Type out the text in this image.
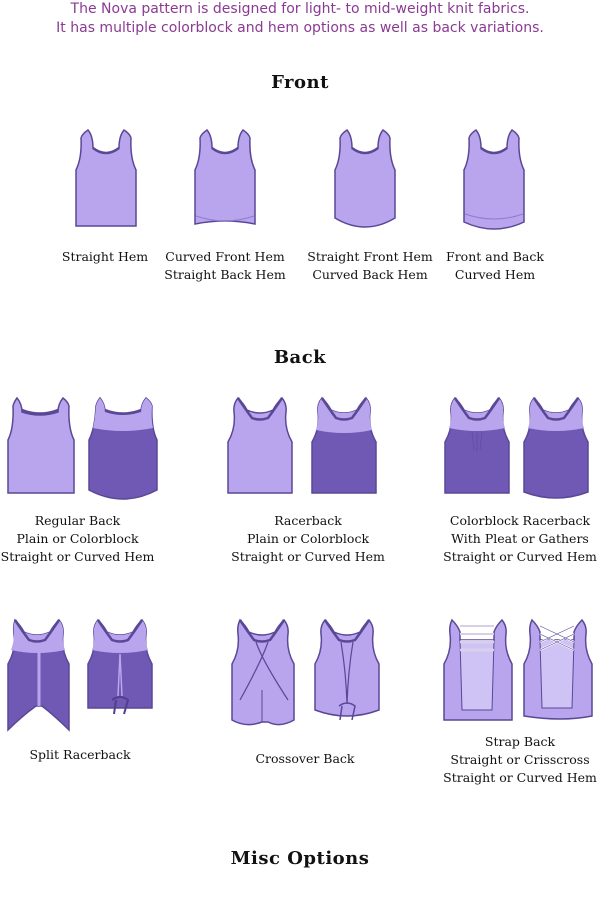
The Nova pattern is designed for light- to mid-weight knit fabrics.
It has multiple colorblock and hem options as well as back variations.
Front
Back
Misc Options
Straight Hem	Curved Front Hem
Straight Back Hem
Straight Front Hem
Curved Back Hem
Front and Back
Curved Hem
Regular Back
Plain or Colorblock
Straight or Curved Hem
Racerback
Plain or Colorblock
Straight or Curved Hem
Colorblock Racerback
With Pleat or Gathers
Straight or Curved Hem
Split Racerback	Crossover Back
Strap Back
Straight or Crisscross
Straight or Curved Hem
